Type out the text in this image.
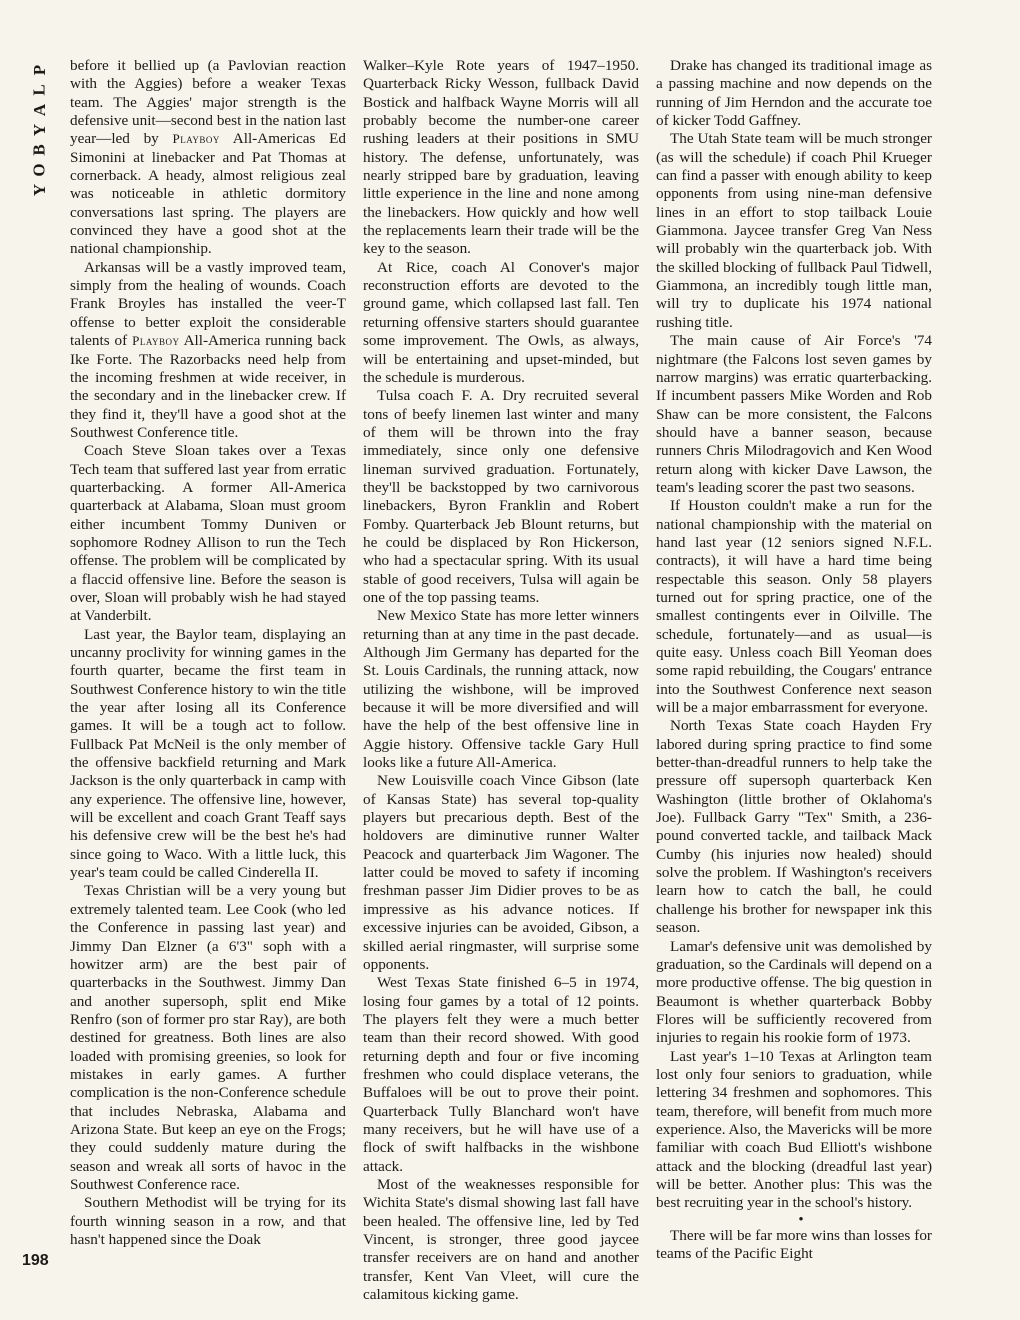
P
L
A
Y
B
O
Y
198

before it bellied up (a Pavlovian reaction with the Aggies) before a weaker Texas team. The Aggies' major strength is the defensive unit—second best in the nation last year—led by Playboy All-Americas Ed Simonini at linebacker and Pat Thomas at cornerback. A heady, almost religious zeal was noticeable in athletic dormitory conversations last spring. The players are convinced they have a good shot at the national championship.

Arkansas will be a vastly improved team, simply from the healing of wounds. Coach Frank Broyles has installed the veer-T offense to better exploit the considerable talents of Playboy All-America running back Ike Forte. The Razorbacks need help from the incoming freshmen at wide receiver, in the secondary and in the linebacker crew. If they find it, they'll have a good shot at the Southwest Conference title.

Coach Steve Sloan takes over a Texas Tech team that suffered last year from erratic quarterbacking. A former All-America quarterback at Alabama, Sloan must groom either incumbent Tommy Duniven or sophomore Rodney Allison to run the Tech offense. The problem will be complicated by a flaccid offensive line. Before the season is over, Sloan will probably wish he had stayed at Vanderbilt.

Last year, the Baylor team, displaying an uncanny proclivity for winning games in the fourth quarter, became the first team in Southwest Conference history to win the title the year after losing all its Conference games. It will be a tough act to follow. Fullback Pat McNeil is the only member of the offensive backfield returning and Mark Jackson is the only quarterback in camp with any experience. The offensive line, however, will be excellent and coach Grant Teaff says his defensive crew will be the best he's had since going to Waco. With a little luck, this year's team could be called Cinderella II.

Texas Christian will be a very young but extremely talented team. Lee Cook (who led the Conference in passing last year) and Jimmy Dan Elzner (a 6'3" soph with a howitzer arm) are the best pair of quarterbacks in the Southwest. Jimmy Dan and another supersoph, split end Mike Renfro (son of former pro star Ray), are both destined for greatness. Both lines are also loaded with promising greenies, so look for mistakes in early games. A further complication is the non-Conference schedule that includes Nebraska, Alabama and Arizona State. But keep an eye on the Frogs; they could suddenly mature during the season and wreak all sorts of havoc in the Southwest Conference race.

Southern Methodist will be trying for its fourth winning season in a row, and that hasn't happened since the Doak

Walker–Kyle Rote years of 1947–1950. Quarterback Ricky Wesson, fullback David Bostick and halfback Wayne Morris will all probably become the number-one career rushing leaders at their positions in SMU history. The defense, unfortunately, was nearly stripped bare by graduation, leaving little experience in the line and none among the linebackers. How quickly and how well the replacements learn their trade will be the key to the season.

At Rice, coach Al Conover's major reconstruction efforts are devoted to the ground game, which collapsed last fall. Ten returning offensive starters should guarantee some improvement. The Owls, as always, will be entertaining and upset-minded, but the schedule is murderous.

Tulsa coach F. A. Dry recruited several tons of beefy linemen last winter and many of them will be thrown into the fray immediately, since only one defensive lineman survived graduation. Fortunately, they'll be backstopped by two carnivorous linebackers, Byron Franklin and Robert Fomby. Quarterback Jeb Blount returns, but he could be displaced by Ron Hickerson, who had a spectacular spring. With its usual stable of good receivers, Tulsa will again be one of the top passing teams.

New Mexico State has more letter winners returning than at any time in the past decade. Although Jim Germany has departed for the St. Louis Cardinals, the running attack, now utilizing the wishbone, will be improved because it will be more diversified and will have the help of the best offensive line in Aggie history. Offensive tackle Gary Hull looks like a future All-America.

New Louisville coach Vince Gibson (late of Kansas State) has several top-quality players but precarious depth. Best of the holdovers are diminutive runner Walter Peacock and quarterback Jim Wagoner. The latter could be moved to safety if incoming freshman passer Jim Didier proves to be as impressive as his advance notices. If excessive injuries can be avoided, Gibson, a skilled aerial ringmaster, will surprise some opponents.

West Texas State finished 6–5 in 1974, losing four games by a total of 12 points. The players felt they were a much better team than their record showed. With good returning depth and four or five incoming freshmen who could displace veterans, the Buffaloes will be out to prove their point. Quarterback Tully Blanchard won't have many receivers, but he will have use of a flock of swift halfbacks in the wishbone attack.

Most of the weaknesses responsible for Wichita State's dismal showing last fall have been healed. The offensive line, led by Ted Vincent, is stronger, three good jaycee transfer receivers are on hand and another transfer, Kent Van Vleet, will cure the calamitous kicking game.

Drake has changed its traditional image as a passing machine and now depends on the running of Jim Herndon and the accurate toe of kicker Todd Gaffney.

The Utah State team will be much stronger (as will the schedule) if coach Phil Krueger can find a passer with enough ability to keep opponents from using nine-man defensive lines in an effort to stop tailback Louie Giammona. Jaycee transfer Greg Van Ness will probably win the quarterback job. With the skilled blocking of fullback Paul Tidwell, Giammona, an incredibly tough little man, will try to duplicate his 1974 national rushing title.

The main cause of Air Force's '74 nightmare (the Falcons lost seven games by narrow margins) was erratic quarterbacking. If incumbent passers Mike Worden and Rob Shaw can be more consistent, the Falcons should have a banner season, because runners Chris Milodragovich and Ken Wood return along with kicker Dave Lawson, the team's leading scorer the past two seasons.

If Houston couldn't make a run for the national championship with the material on hand last year (12 seniors signed N.F.L. contracts), it will have a hard time being respectable this season. Only 58 players turned out for spring practice, one of the smallest contingents ever in Oilville. The schedule, fortunately—and as usual—is quite easy. Unless coach Bill Yeoman does some rapid rebuilding, the Cougars' entrance into the Southwest Conference next season will be a major embarrassment for everyone.

North Texas State coach Hayden Fry labored during spring practice to find some better-than-dreadful runners to help take the pressure off supersoph quarterback Ken Washington (little brother of Oklahoma's Joe). Fullback Garry "Tex" Smith, a 236-pound converted tackle, and tailback Mack Cumby (his injuries now healed) should solve the problem. If Washington's receivers learn how to catch the ball, he could challenge his brother for newspaper ink this season.

Lamar's defensive unit was demolished by graduation, so the Cardinals will depend on a more productive offense. The big question in Beaumont is whether quarterback Bobby Flores will be sufficiently recovered from injuries to regain his rookie form of 1973.

Last year's 1–10 Texas at Arlington team lost only four seniors to graduation, while lettering 34 freshmen and sophomores. This team, therefore, will benefit from much more experience. Also, the Mavericks will be more familiar with coach Bud Elliott's wishbone attack and the blocking (dreadful last year) will be better. Another plus: This was the best recruiting year in the school's history.

•

There will be far more wins than losses for teams of the Pacific Eight
